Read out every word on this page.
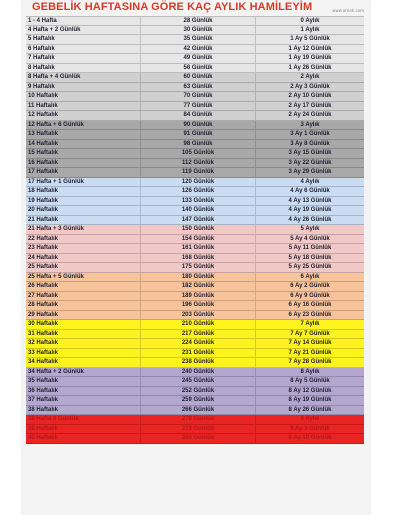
GEBELİK HAFTASINA GÖRE KAÇ AYLIK HAMİLEYİM	www.ornek.com
1 - 4 Hafta	28 Günlük	0 Aylık
4 Hafta + 2 Günlük	30 Günlük	1 Aylık
5 Haftalık	35 Günlük	1 Ay 5 Günlük
6 Haftalık	42 Günlük	1 Ay 12 Günlük
7 Haftalık	49 Günlük	1 Ay 19 Günlük
8 Haftalık	56 Günlük	1 Ay 26 Günlük
8 Hafta + 4 Günlük	60 Günlük	2 Aylık
9 Haftalık	63 Günlük	2 Ay 3 Günlük
10 Haftalık	70 Günlük	2 Ay 10 Günlük
11 Haftalık	77 Günlük	2 Ay 17 Günlük
12 Haftalık	84 Günlük	2 Ay 24 Günlük
12 Hafta + 6 Günlük	90 Günlük	3 Aylık
13 Haftalık	91 Günlük	3 Ay 1 Günlük
14 Haftalık	98 Günlük	3 Ay 8 Günlük
15 Haftalık	105 Günlük	3 Ay 15 Günlük
16 Haftalık	112 Günlük	3 Ay 22 Günlük
17 Haftalık	119 Günlük	3 Ay 29 Günlük
17 Hafta + 1 Günlük	120 Günlük	4 Aylık
18 Haftalık	126 Günlük	4 Ay 6 Günlük
19 Haftalık	133 Günlük	4 Ay 13 Günlük
20 Haftalık	140 Günlük	4 Ay 19 Günlük
21 Haftalık	147 Günlük	4 Ay 26 Günlük
21 Hafta + 3 Günlük	150 Günlük	5 Aylık
22 Haftalık	154 Günlük	5 Ay 4 Günlük
23 Haftalık	161 Günlük	5 Ay 11 Günlük
24 Haftalık	168 Günlük	5 Ay 18 Günlük
25 Haftalık	175 Günlük	5 Ay 25 Günlük
25 Hafta + 5 Günlük	180 Günlük	6 Aylık
26 Haftalık	182 Günlük	6 Ay 2 Günlük
27 Haftalık	189 Günlük	6 Ay 9 Günlük
28 Haftalık	196 Günlük	6 Ay 16 Günlük
29 Haftalık	203 Günlük	6 Ay 23 Günlük
30 Haftalık	210 Günlük	7 Aylık
31 Haftalık	217 Günlük	7 Ay 7 Günlük
32 Haftalık	224 Günlük	7 Ay 14 Günlük
33 Haftalık	231 Günlük	7 Ay 21 Günlük
34 Haftalık	238 Günlük	7 Ay 28 Günlük
34 Hafta + 2 Günlük	240 Günlük	8 Aylık
35 Haftalık	245 Günlük	8 Ay 5 Günlük
36 Haftalık	252 Günlük	8 Ay 12 Günlük
37 Haftalık	259 Günlük	8 Ay 19 Günlük
38 Haftalık	266 Günlük	8 Ay 26 Günlük
38 Hafta 6 Günlük	270 Günlük	9 Aylık
39 Haftalık	273 Günlük	9 Ay 3 Günlük
40 Haftalık	280 Günlük	9 Ay 10 Günlük
